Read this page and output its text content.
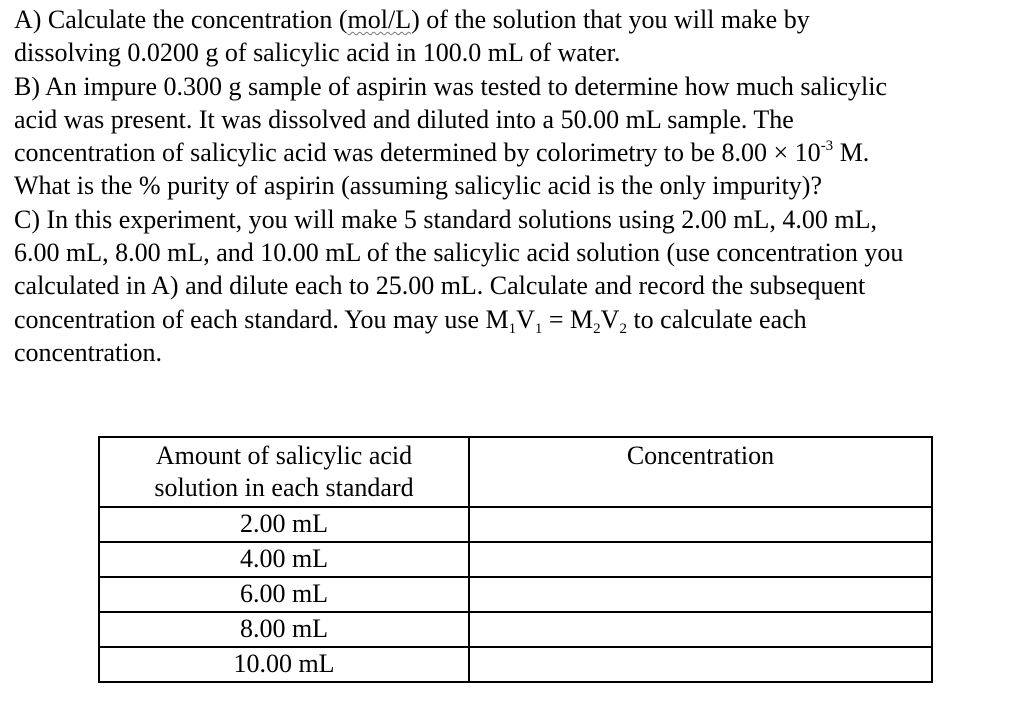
A) Calculate the concentration (mol/L) of the solution that you will make by
dissolving 0.0200 g of salicylic acid in 100.0 mL of water.

B) An impure 0.300 g sample of aspirin was tested to determine how much salicylic
acid was present. It was dissolved and diluted into a 50.00 mL sample. The
concentration of salicylic acid was determined by colorimetry to be $8.00 \times 10^{-3}$ M.
What is the % purity of aspirin (assuming salicylic acid is the only impurity)?

C) In this experiment, you will make 5 standard solutions using 2.00 mL, 4.00 mL,
6.00 mL, 8.00 mL, and 10.00 mL of the salicylic acid solution (use concentration you
calculated in A) and dilute each to 25.00 mL. Calculate and record the subsequent
concentration of each standard. You may use $M_1V_1 = M_2V_2$ to calculate each
concentration.

Amount of salicylic acid
solution in each standard	Concentration
2.00 mL	
4.00 mL	
6.00 mL	
8.00 mL	
10.00 mL	
